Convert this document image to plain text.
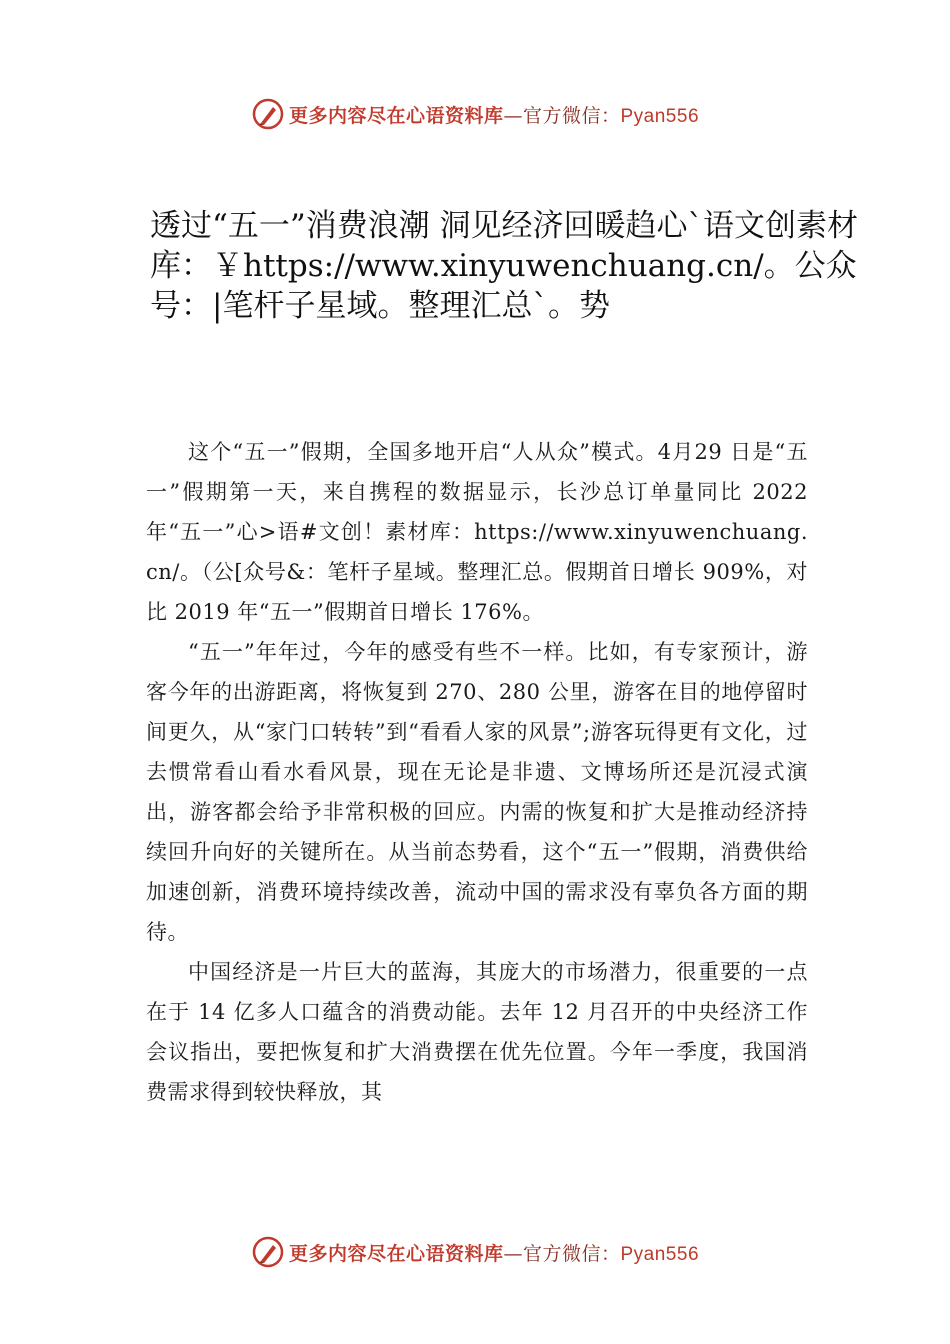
更多内容尽在心语资料库—官方微信：Pyan556
透过“五一”消费浪潮 洞见经济回暖趋心`语文创素材库：￥https://www.xinyuwenchuang.cn/。公众号：|笔杆子星域。整理汇总`。势

这个“五一”假期，全国多地开启“人从众”模式。4月29 日是“五一”假期第一天，来自携程的数据显示，长沙总订单量同比 2022 年“五一”心>语#文创！素材库：https://www.xinyuwenchuang.cn/。（公[众号&：笔杆子星域。整理汇总。假期首日增长 909%，对比 2019 年“五一”假期首日增长 176%。

“五一”年年过，今年的感受有些不一样。比如，有专家预计，游客今年的出游距离，将恢复到 270、280 公里，游客在目的地停留时间更久，从“家门口转转”到“看看人家的风景”;游客玩得更有文化，过去惯常看山看水看风景，现在无论是非遗、文博场所还是沉浸式演出，游客都会给予非常积极的回应。内需的恢复和扩大是推动经济持续回升向好的关键所在。从当前态势看，这个“五一”假期，消费供给加速创新，消费环境持续改善，流动中国的需求没有辜负各方面的期待。

中国经济是一片巨大的蓝海，其庞大的市场潜力，很重要的一点在于 14 亿多人口蕴含的消费动能。去年 12 月召开的中央经济工作会议指出，要把恢复和扩大消费摆在优先位置。今年一季度，我国消费需求得到较快释放，其

更多内容尽在心语资料库—官方微信：Pyan556
